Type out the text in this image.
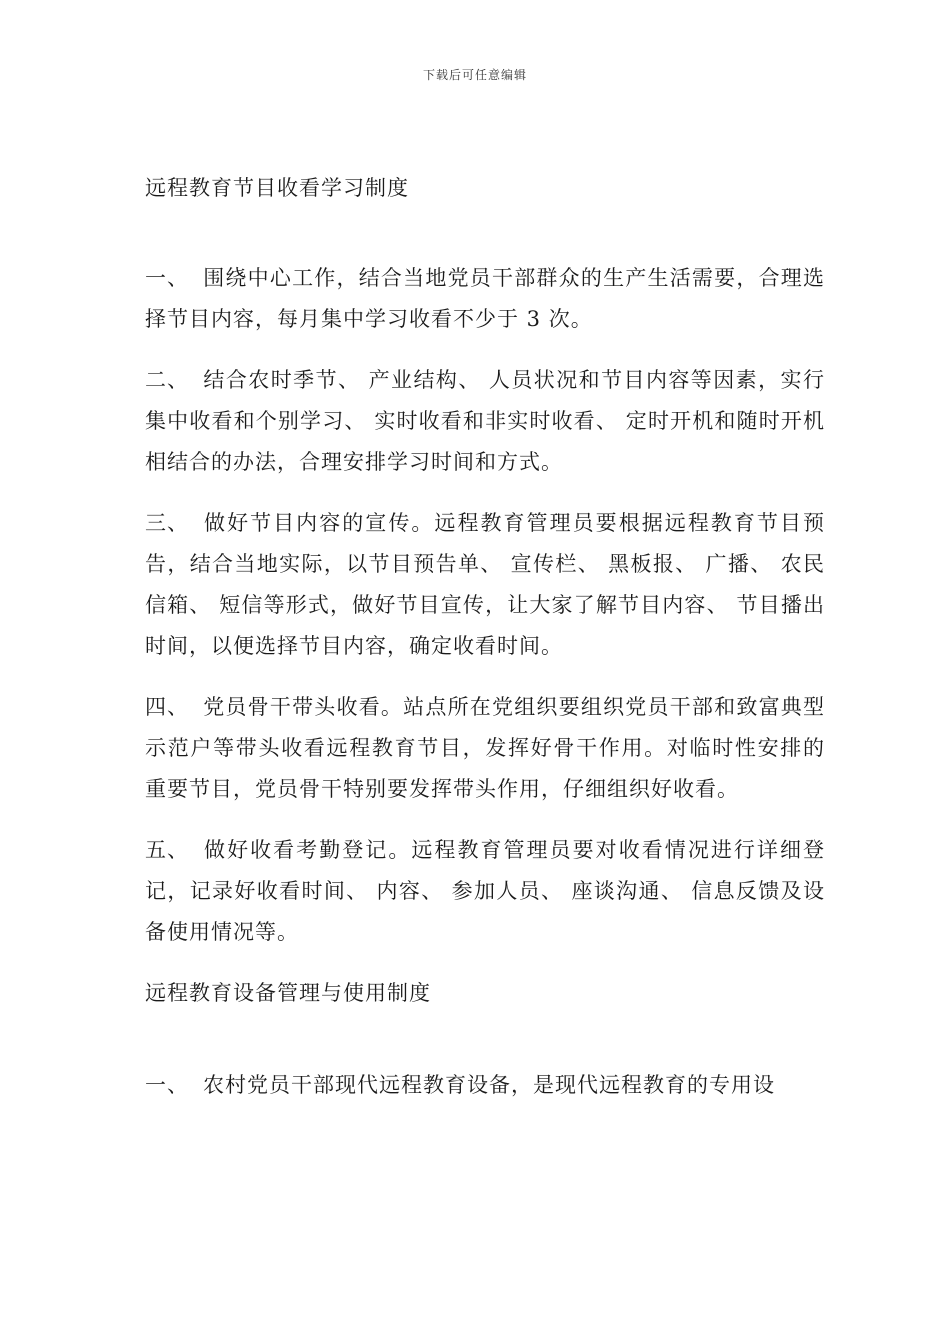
下载后可任意编辑
远程教育节目收看学习制度

一、 围绕中心工作，结合当地党员干部群众的生产生活需要，合理选择节目内容，每月集中学习收看不少于 3 次。

二、 结合农时季节、 产业结构、 人员状况和节目内容等因素，实行集中收看和个别学习、 实时收看和非实时收看、 定时开机和随时开机相结合的办法，合理安排学习时间和方式。

三、 做好节目内容的宣传。远程教育管理员要根据远程教育节目预告，结合当地实际，以节目预告单、 宣传栏、 黑板报、 广播、 农民信箱、 短信等形式，做好节目宣传，让大家了解节目内容、 节目播出时间，以便选择节目内容，确定收看时间。

四、 党员骨干带头收看。站点所在党组织要组织党员干部和致富典型示范户等带头收看远程教育节目，发挥好骨干作用。对临时性安排的重要节目，党员骨干特别要发挥带头作用，仔细组织好收看。

五、 做好收看考勤登记。远程教育管理员要对收看情况进行详细登记，记录好收看时间、 内容、 参加人员、 座谈沟通、 信息反馈及设备使用情况等。

远程教育设备管理与使用制度

一、 农村党员干部现代远程教育设备，是现代远程教育的专用设
